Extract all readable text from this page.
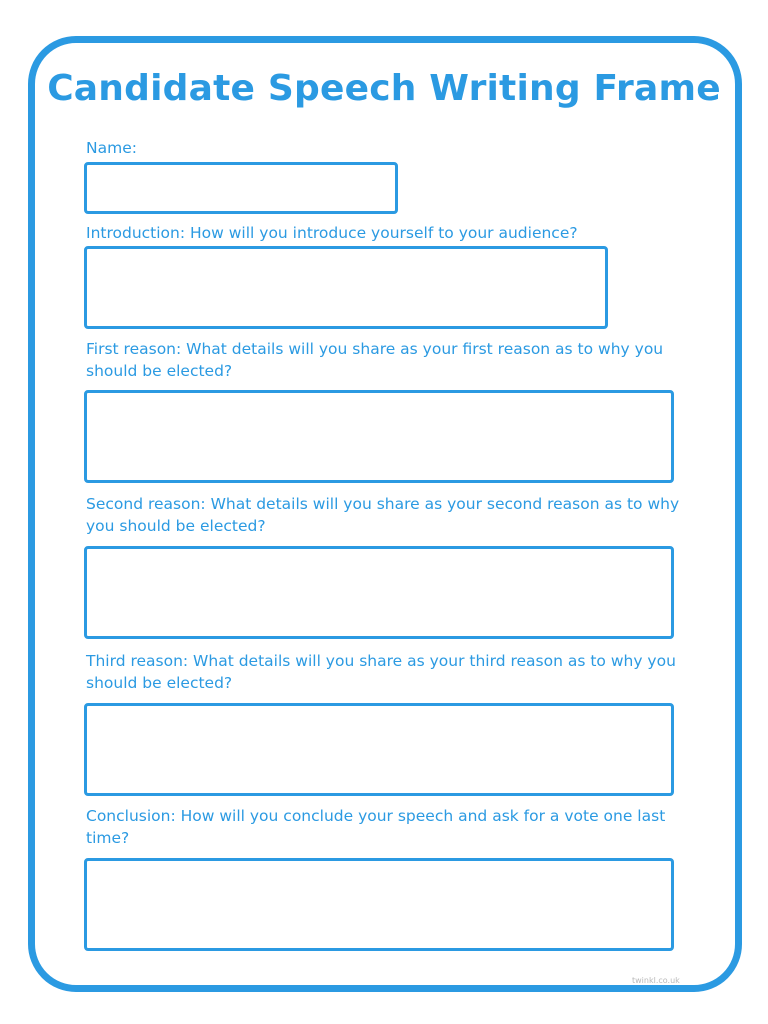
Candidate Speech Writing Frame
Name:
Introduction: How will you introduce yourself to your audience?
First reason: What details will you share as your first reason as to why you should be elected?
Second reason: What details will you share as your second reason as to why you should be elected?
Third reason: What details will you share as your third reason as to why you should be elected?
Conclusion: How will you conclude your speech and ask for a vote one last time?
twinkl.co.uk
